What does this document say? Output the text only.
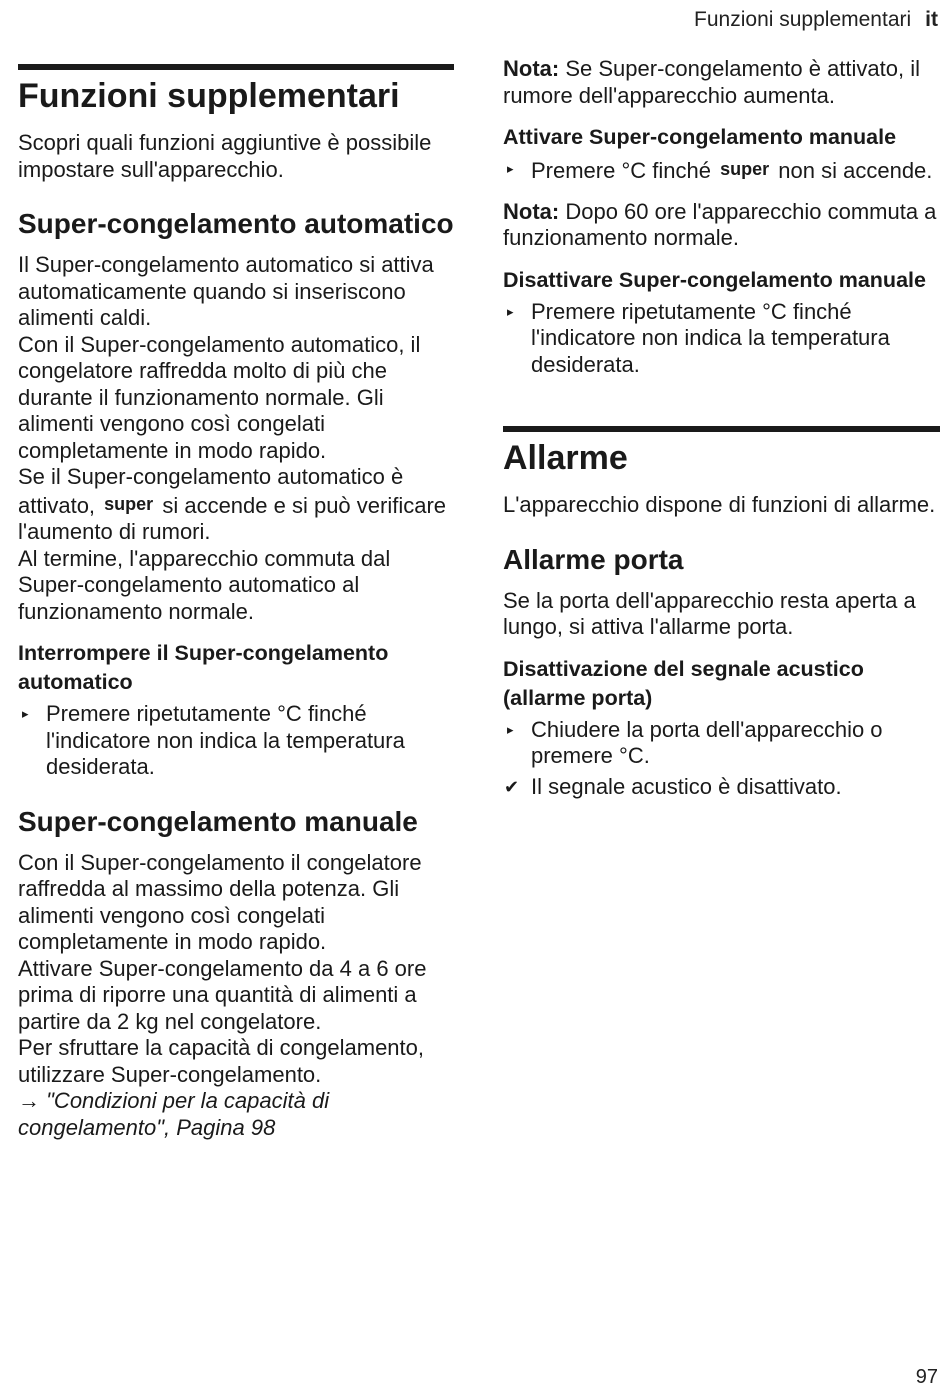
Funzioni supplementari it
Funzioni supplementari

Scopri quali funzioni aggiuntive è possibile impostare sull'apparecchio.

Super-congelamento automatico

Il Super-congelamento automatico si attiva automaticamente quando si inseriscono alimenti caldi.

Con il Super-congelamento automatico, il congelatore raffredda molto di più che durante il funzionamento normale. Gli alimenti vengono così congelati completamente in modo rapido.

Se il Super-congelamento automatico è attivato, super si accende e si può verificare l'aumento di rumori.

Al termine, l'apparecchio commuta dal Super-congelamento automatico al funzionamento normale.

Interrompere il Super-congelamento automatico
▸ Premere ripetutamente °C finché l'indicatore non indica la temperatura desiderata.
Super-congelamento manuale

Con il Super-congelamento il congelatore raffredda al massimo della potenza. Gli alimenti vengono così congelati completamente in modo rapido.

Attivare Super-congelamento da 4 a 6 ore prima di riporre una quantità di alimenti a partire da 2 kg nel congelatore.

Per sfruttare la capacità di congelamento, utilizzare Super-congelamento.

→ "Condizioni per la capacità di congelamento", Pagina 98

Nota: Se Super-congelamento è attivato, il rumore dell'apparecchio aumenta.

Attivare Super-congelamento manuale
▸ Premere °C finché super non si accende.

Nota: Dopo 60 ore l'apparecchio commuta a funzionamento normale.

Disattivare Super-congelamento manuale
▸ Premere ripetutamente °C finché l'indicatore non indica la temperatura desiderata.
Allarme

L'apparecchio dispone di funzioni di allarme.

Allarme porta

Se la porta dell'apparecchio resta aperta a lungo, si attiva l'allarme porta.

Disattivazione del segnale acustico (allarme porta)
▸ Chiudere la porta dell'apparecchio o premere °C.
✔ Il segnale acustico è disattivato.
97
